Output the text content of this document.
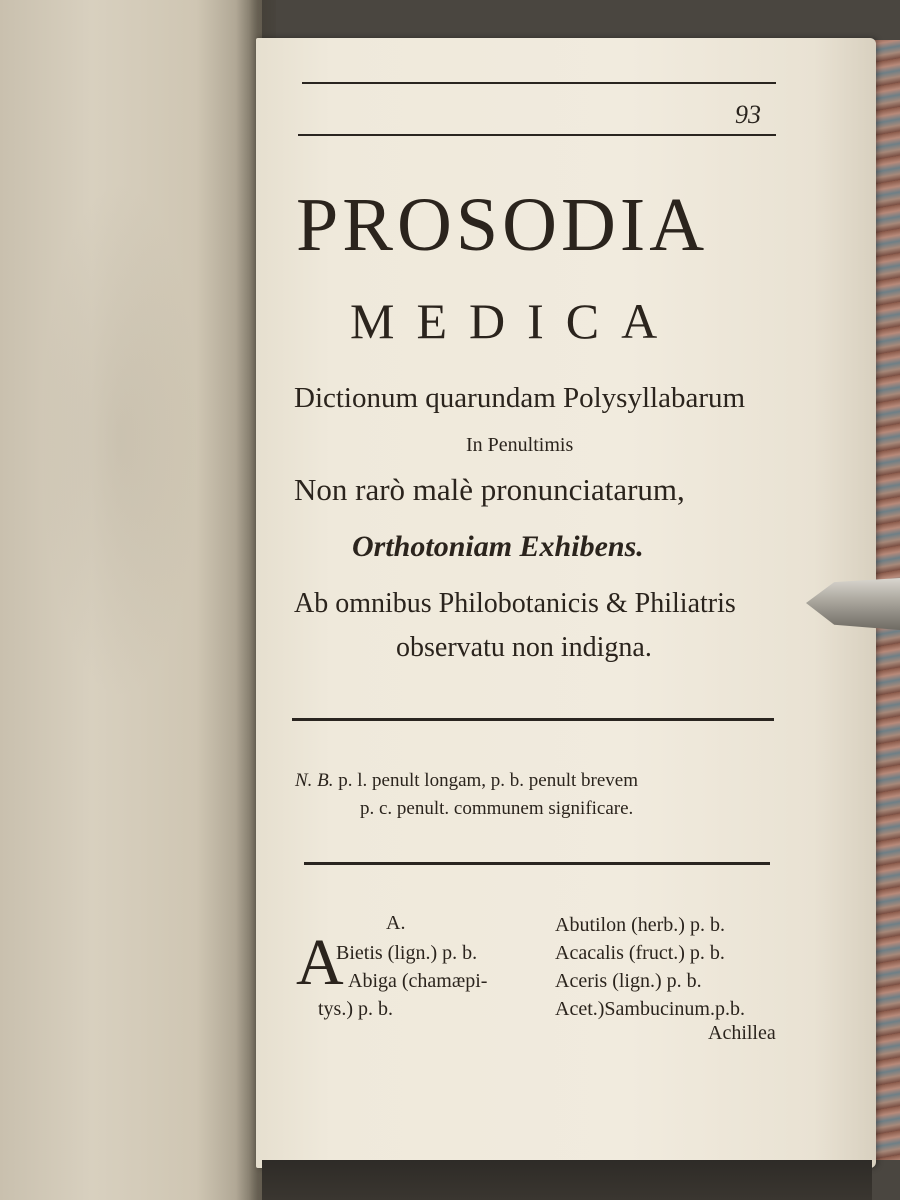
93
PROSODIA
MEDICA
Dictionum quarundam Polysyllabarum
In Penultimis
Non rarò malè pronunciatarum,
Orthotoniam Exhibens.
Ab omnibus Philobotanicis & Philiatris
observatu non indigna.
N. B. p. l. penult longam, p. b. penult brevem
p. c. penult. communem significare.
A.
A
Bietis (lign.) p. b.
Abiga (chamæpi-
tys.) p. b.
Abutilon (herb.) p. b.
Acacalis (fruct.) p. b.
Aceris (lign.) p. b.
Acet.)Sambucinum.p.b.
Achillea
